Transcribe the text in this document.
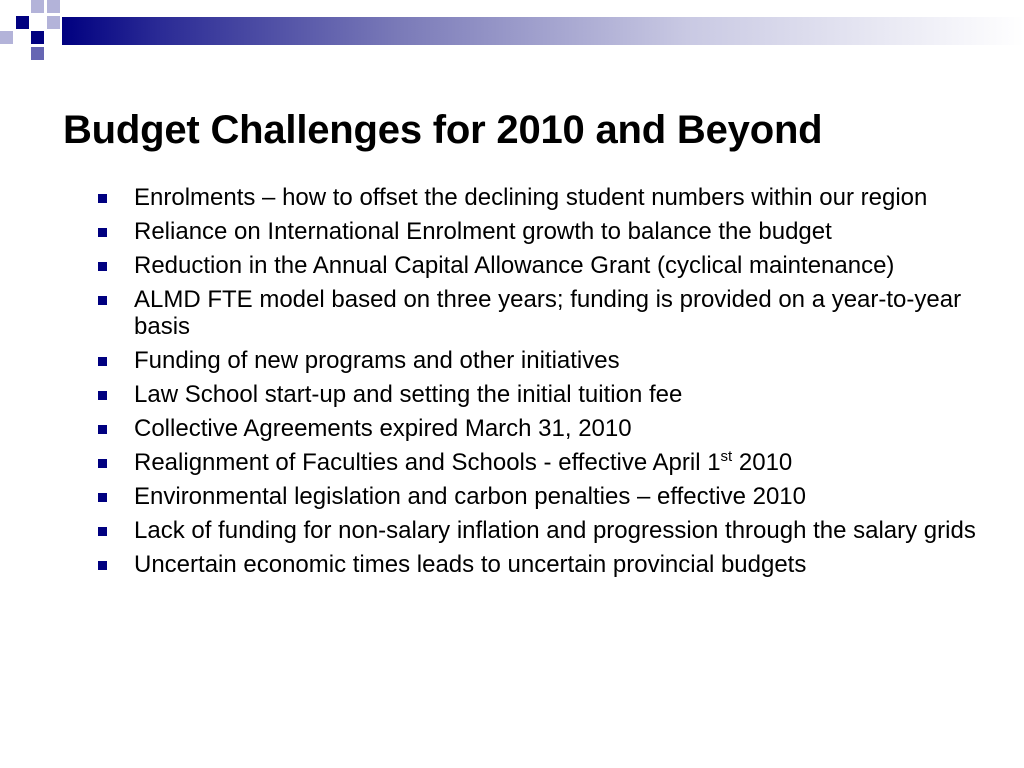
Budget Challenges for 2010 and Beyond
Enrolments – how to offset the declining student numbers within our region
Reliance on International Enrolment growth to balance the budget
Reduction in the Annual Capital Allowance Grant (cyclical maintenance)
ALMD FTE model based on three years; funding is provided on a year-to-year basis
Funding of new programs and other initiatives
Law School start-up and setting the initial tuition fee
Collective Agreements expired March 31, 2010
Realignment of Faculties and Schools - effective April 1st 2010
Environmental legislation and carbon penalties – effective 2010
Lack of funding for non-salary inflation and progression through the salary grids
Uncertain economic times leads to uncertain provincial budgets
